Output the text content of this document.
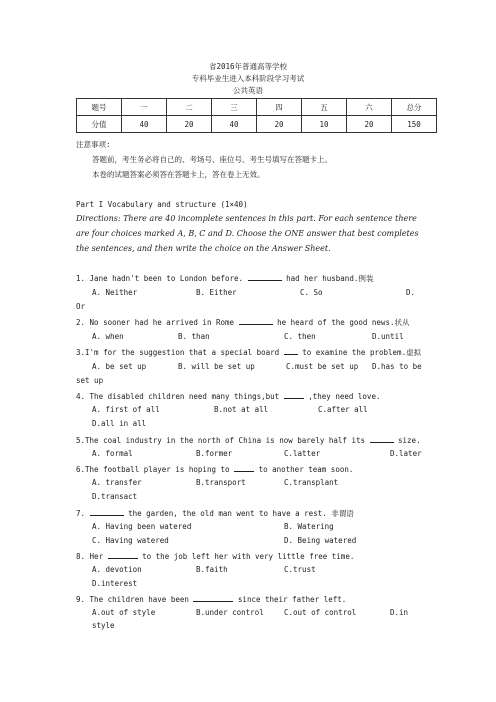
省2016年普通高等学校
专科毕业生进入本科阶段学习考试
公共英语
题号	一	二	三	四	五	六	总分
分值	40	20	40	20	10	20	150
注意事项:
答题前，考生务必将自己的、考场号、座位号、考生号填写在答题卡上。
本卷的试题答案必须答在答题卡上，答在卷上无效。
Part I Vocabulary and structure (1×40)
Directions: There are 40 incomplete sentences in this part. For each sentence there
are four choices marked A, B, C and D. Choose the ONE answer that best completes
the sentences, and then write the choice on the Answer Sheet.
1. Jane hadn't been to London before.	had her husband.例装
A. Neither	B. Either	C. So	D.
Or
2. No sooner had he arrived in Rome	he heard of the good news.状从
A. when	B. than	C. then	D.until
3.I'm for the suggestion that a special board	to examine the problem.虚拟
A. be set up	B. will be set up	C.must be set up D.has to be
set up
4. The disabled children need many things,but	,they need love.
A. first of all	B.not at all	C.after all
D.all in all
5.The coal industry in the north of China is now barely half its	size.
A. formal	B.former	C.latter	D.later
6.The football player is hoping to	to another team soon.
A. transfer	B.transport	C.transplant
D.transact
7.	the garden, the old man went to have a rest. 非谓语
A. Having been watered	B. Watering
C. Having watered	D. Being watered
8. Her	to the job left her with very little free time.
A. devotion	B.faith	C.trust
D.interest
9. The children have been	since their father left.
A.out of style	B.under control	C.out of control	D.in
style
